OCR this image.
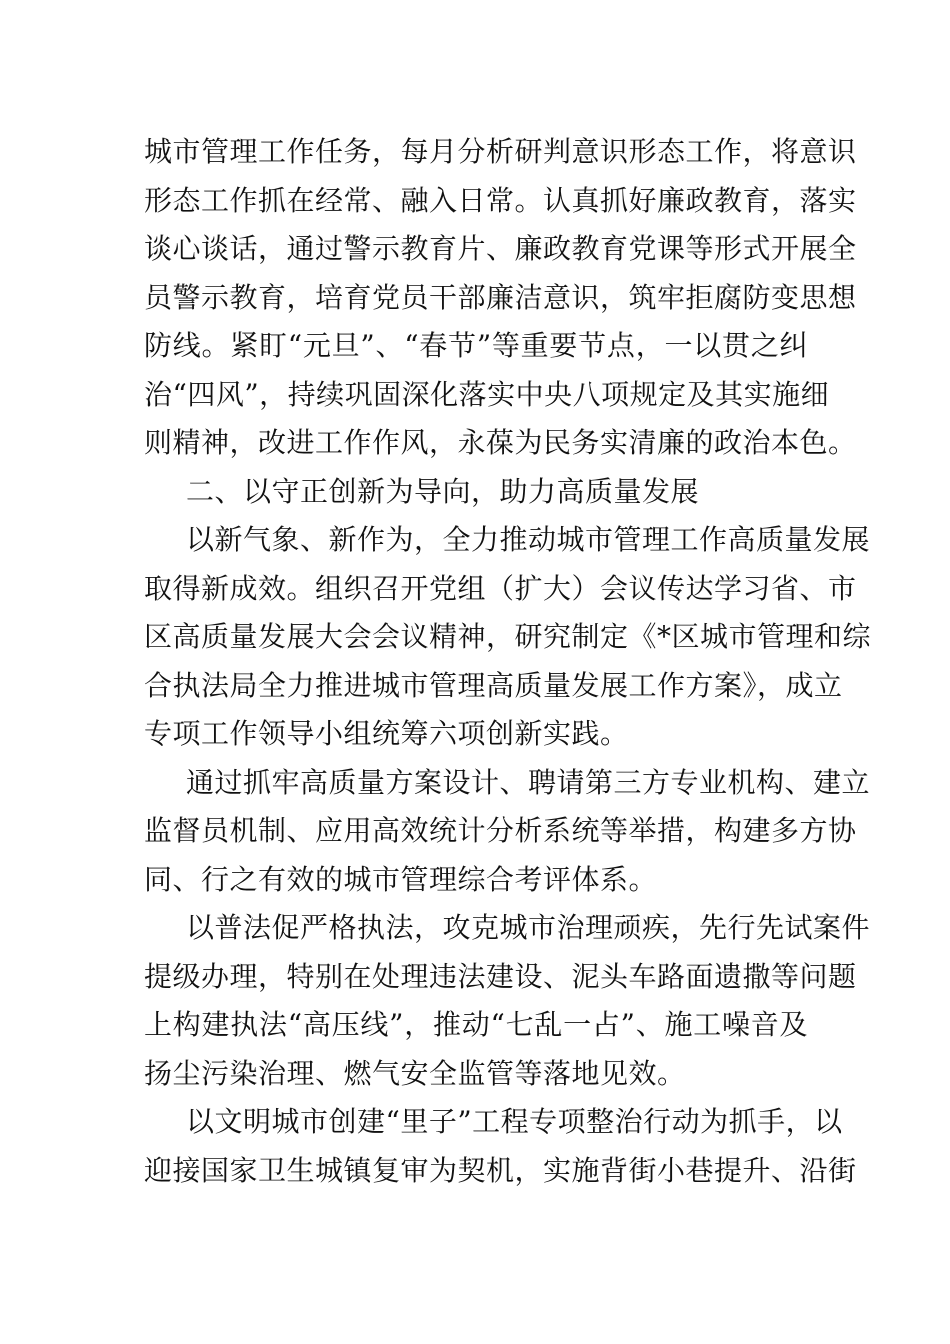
城市管理工作任务，每月分析研判意识形态工作，将意识
形态工作抓在经常、融入日常。认真抓好廉政教育，落实
谈心谈话，通过警示教育片、廉政教育党课等形式开展全
员警示教育，培育党员干部廉洁意识，筑牢拒腐防变思想
防线。紧盯“元旦”、“春节”等重要节点，一以贯之纠
治“四风”，持续巩固深化落实中央八项规定及其实施细
则精神，改进工作作风，永葆为民务实清廉的政治本色。
二、以守正创新为导向，助力高质量发展
以新气象、新作为，全力推动城市管理工作高质量发展
取得新成效。组织召开党组（扩大）会议传达学习省、市
区高质量发展大会会议精神，研究制定《*区城市管理和综
合执法局全力推进城市管理高质量发展工作方案》，成立
专项工作领导小组统筹六项创新实践。
通过抓牢高质量方案设计、聘请第三方专业机构、建立
监督员机制、应用高效统计分析系统等举措，构建多方协
同、行之有效的城市管理综合考评体系。
以普法促严格执法，攻克城市治理顽疾，先行先试案件
提级办理，特别在处理违法建设、泥头车路面遗撒等问题
上构建执法“高压线”，推动“七乱一占”、施工噪音及
扬尘污染治理、燃气安全监管等落地见效。
以文明城市创建“里子”工程专项整治行动为抓手，以
迎接国家卫生城镇复审为契机，实施背街小巷提升、沿街
